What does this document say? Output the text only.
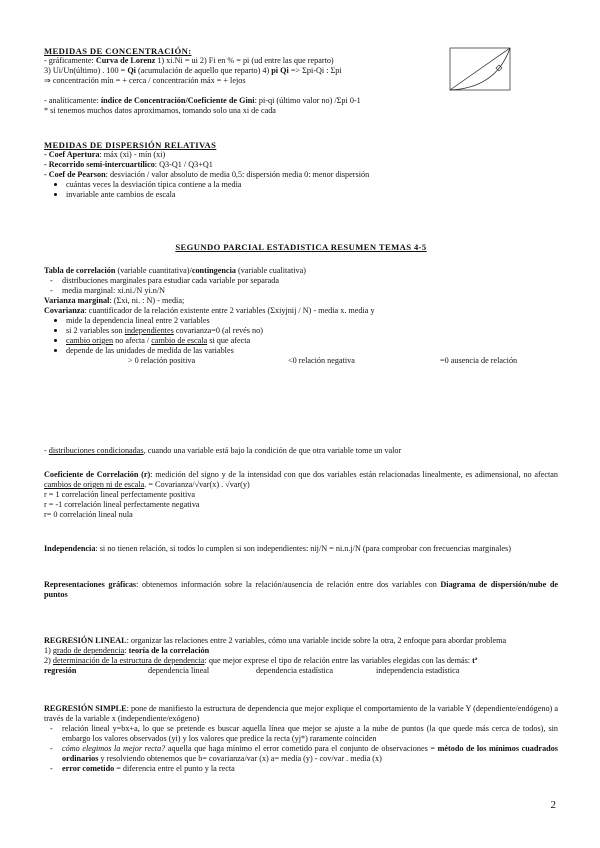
MEDIDAS DE CONCENTRACIÓN:
- gráficamente: Curva de Lorenz 1) xi.Ni = ui 2) Fi en % = pi (ud entre las que reparto)
3) Ui/Un(último) . 100 = Qi (acumulación de aquello que reparto) 4) pi Qi => Σpi-Qi : Σpi
⇒ concentración mín = + cerca / concentración máx = + lejos
- analíticamente: índice de Concentración/Coeficiente de Gini: pi-qi (último valor no) /Σpi 0-1
* si tenemos muchos datos aproximamos, tomando solo una xi de cada
MEDIDAS DE DISPERSIÓN RELATIVAS
- Coef Apertura: máx (xi) - mín (xi)
- Recorrido semi-intercuartílico: Q3-Q1 / Q3+Q1
- Coef de Pearson: desviación / valor absoluto de media 0,5: dispersión media 0: menor dispersión
cuántas veces la desviación típica contiene a la media
invariable ante cambios de escala
SEGUNDO PARCIAL ESTADISTICA RESUMEN TEMAS 4-5
Tabla de correlación (variable cuantitativa)/contingencia (variable cualitativa)
- distribuciones marginales para estudiar cada variable por separada
- media marginal: xi.ni./N yi.n/N
Varianza marginal: (Σxi, ni. : N) - media;
Covarianza: cuantificador de la relación existente entre 2 variables (Σxiyjnij / N) - media x. media y
mide la dependencia lineal entre 2 variables
si 2 variables son independientes covarianza=0 (al revés no)
cambio origen no afecta / cambio de escala si que afecta
depende de las unidades de medida de las variables
> 0 relación positiva	<0 relación negativa	=0 ausencia de relación
- distribuciones condicionadas, cuando una variable está bajo la condición de que otra variable tome un valor
Coeficiente de Correlación (r): medición del signo y de la intensidad con que dos variables están relacionadas linealmente, es adimensional, no afectan cambios de origen ni de escala. = Covarianza/√var(x) . √var(y)
r = 1 correlación lineal perfectamente positiva
r = -1 correlación lineal perfectamente negativa
r= 0 correlación lineal nula
Independencia: si no tienen relación, si todos lo cumplen si son independientes: nij/N = ni.n.j/N (para comprobar con frecuencias marginales)
Representaciones gráficas: obtenemos información sobre la relación/ausencia de relación entre dos variables con Diagrama de dispersión/nube de puntos
REGRESIÓN LINEAL: organizar las relaciones entre 2 variables, cómo una variable incide sobre la otra, 2 enfoque para abordar problema
1) grado de dependencia: teoría de la correlación
2) determinación de la estructura de dependencia: que mejor exprese el tipo de relación entre las variables elegidas con las demás: tª
regresión	dependencia lineal	dependencia estadística	independencia estadística
REGRESIÓN SIMPLE: pone de manifiesto la estructura de dependencia que mejor explique el comportamiento de la variable Y (dependiente/endógeno) a través de la variable x (independiente/exógeno)
- relación lineal y=bx+a, lo que se pretende es buscar aquella línea que mejor se ajuste a la nube de puntos (la que quede más cerca de todos), sin embargo los valores observados (yi) y los valores que predice la recta (yj*) raramente coinciden
- cómo elegimos la mejor recta? aquella que haga mínimo el error cometido para el conjunto de observaciones = método de los mínimos cuadrados ordinarios y resolviendo obtenemos que b= covarianza/var (x) a= media (y) - cov/var . media (x)
- error cometido = diferencia entre el punto y la recta
2
